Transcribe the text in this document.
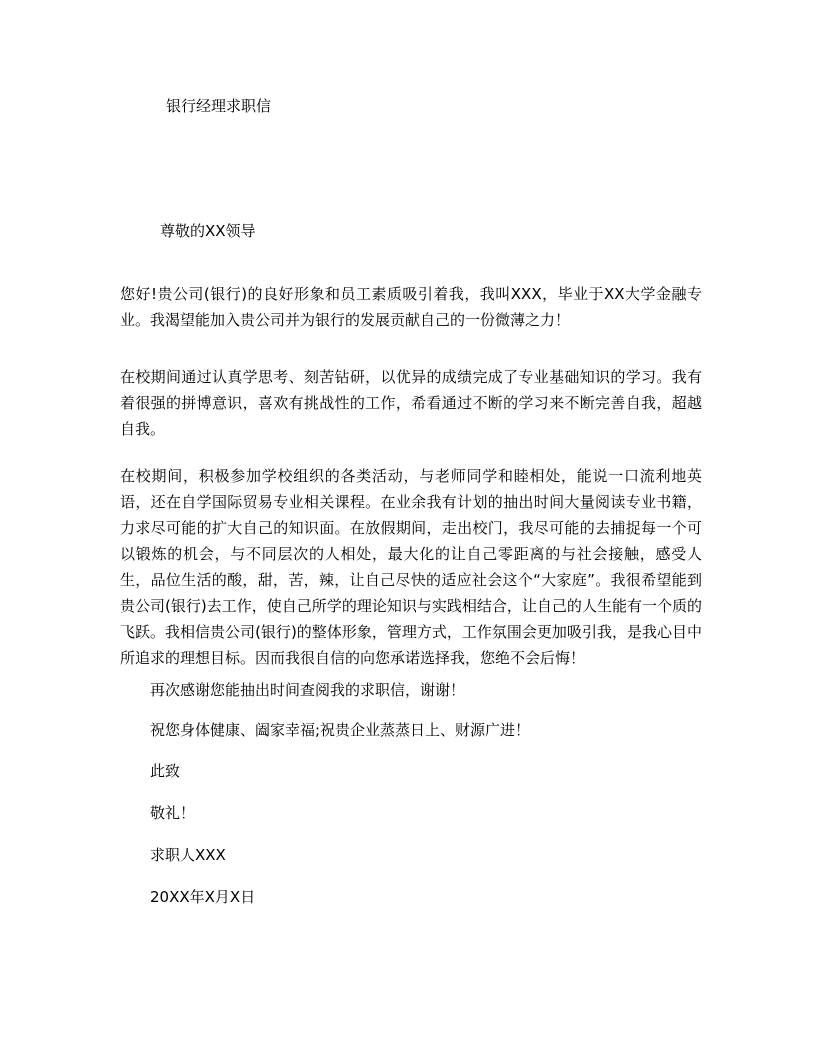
银行经理求职信
尊敬的XX领导
您好!贵公司(银行)的良好形象和员工素质吸引着我，我叫XXX，毕业于XX大学金融专业。我渴望能加入贵公司并为银行的发展贡献自己的一份微薄之力！
在校期间通过认真学思考、刻苦钻研，以优异的成绩完成了专业基础知识的学习。我有着很强的拼博意识，喜欢有挑战性的工作，希看通过不断的学习来不断完善自我，超越自我。
在校期间，积极参加学校组织的各类活动，与老师同学和睦相处，能说一口流利地英语，还在自学国际贸易专业相关课程。在业余我有计划的抽出时间大量阅读专业书籍，力求尽可能的扩大自己的知识面。在放假期间，走出校门，我尽可能的去捕捉每一个可以锻炼的机会，与不同层次的人相处，最大化的让自己零距离的与社会接触，感受人生，品位生活的酸，甜，苦，辣，让自己尽快的适应社会这个“大家庭”。我很希望能到贵公司(银行)去工作，使自己所学的理论知识与实践相结合，让自己的人生能有一个质的飞跃。我相信贵公司(银行)的整体形象，管理方式，工作氛围会更加吸引我，是我心目中所追求的理想目标。因而我很自信的向您承诺选择我，您绝不会后悔！
再次感谢您能抽出时间查阅我的求职信，谢谢！
祝您身体健康、阖家幸福;祝贵企业蒸蒸日上、财源广进！
此致
敬礼！
求职人XXX
20XX年X月X日
